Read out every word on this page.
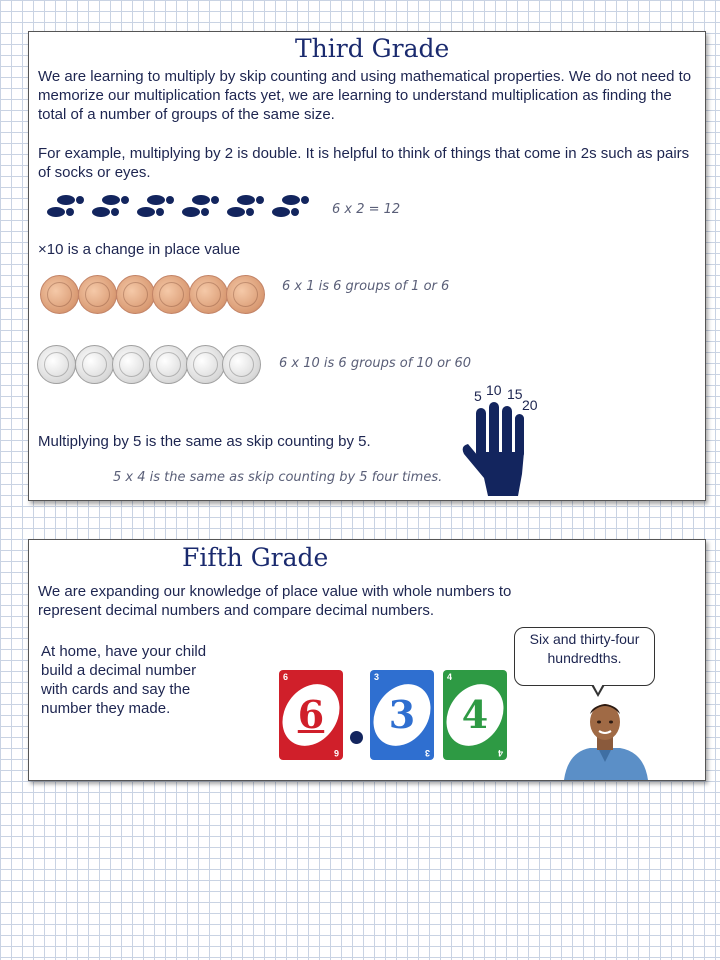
Third Grade
We are learning to multiply by skip counting and using mathematical properties. We do not need to memorize our multiplication facts yet, we are learning to understand multiplication as finding the total of a number of groups of the same size.
For example, multiplying by 2 is double. It is helpful to think of things that come in 2s such as pairs of socks or eyes.
6 x 2 = 12
×10 is a change in place value
6 x 1 is 6 groups of 1 or 6
6 x 10 is 6 groups of 10 or 60
5 10 15
20
Multiplying by 5 is the same as skip counting by 5.
5 x 4 is the same as skip counting by 5 four times.
Fifth Grade
We are expanding our knowledge of place value with whole numbers to represent decimal numbers and compare decimal numbers.
At home, have your child build a decimal number with cards and say the number they made.	6
6
6
3
3
3
4
4
4
Six and thirty-four hundredths.
